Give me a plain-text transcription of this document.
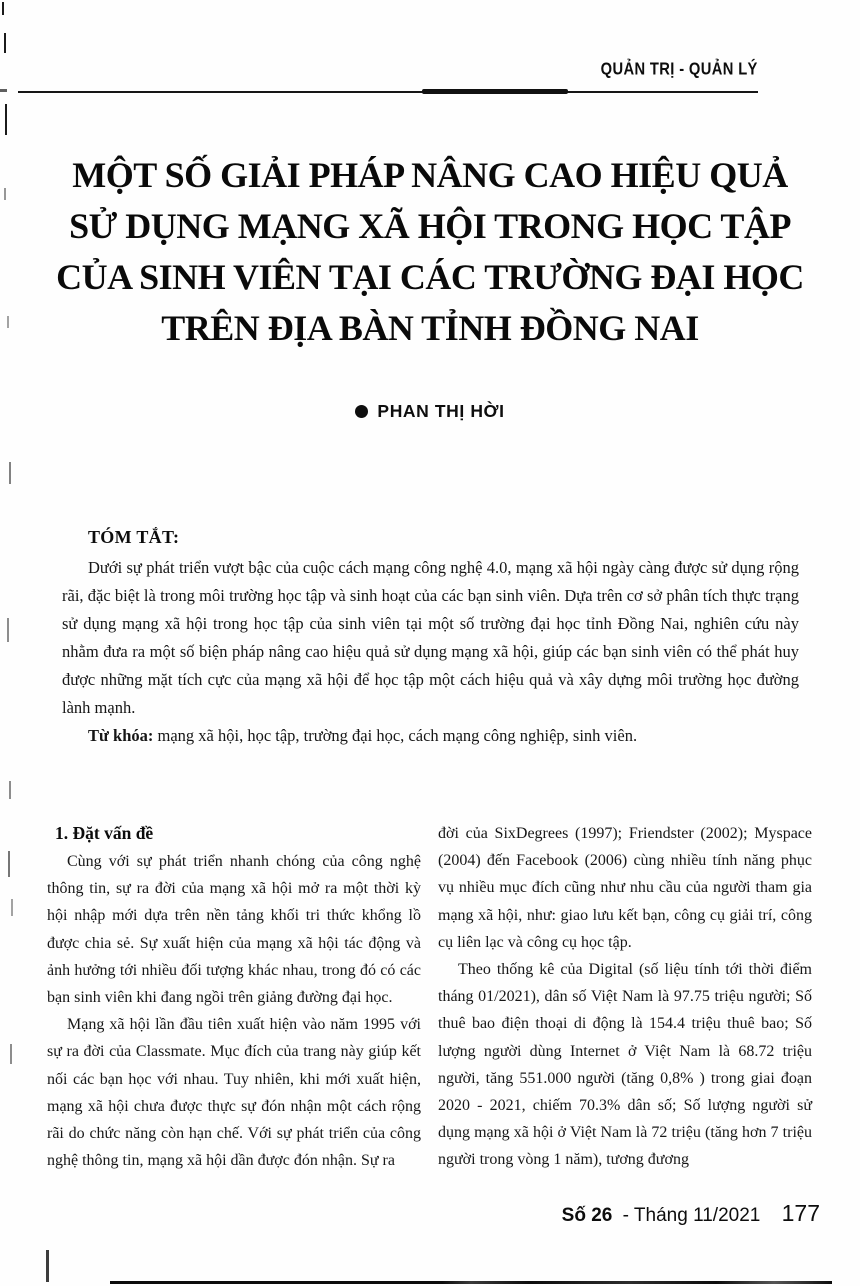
QUẢN TRỊ - QUẢN LÝ
MỘT SỐ GIẢI PHÁP NÂNG CAO HIỆU QUẢ
SỬ DỤNG MẠNG XÃ HỘI TRONG HỌC TẬP
CỦA SINH VIÊN TẠI CÁC TRƯỜNG ĐẠI HỌC
TRÊN ĐỊA BÀN TỈNH ĐỒNG NAI
PHAN THỊ HỜI
TÓM TẮT:

Dưới sự phát triển vượt bậc của cuộc cách mạng công nghệ 4.0, mạng xã hội ngày càng được sử dụng rộng rãi, đặc biệt là trong môi trường học tập và sinh hoạt của các bạn sinh viên. Dựa trên cơ sở phân tích thực trạng sử dụng mạng xã hội trong học tập của sinh viên tại một số trường đại học tỉnh Đồng Nai, nghiên cứu này nhằm đưa ra một số biện pháp nâng cao hiệu quả sử dụng mạng xã hội, giúp các bạn sinh viên có thể phát huy được những mặt tích cực của mạng xã hội để học tập một cách hiệu quả và xây dựng môi trường học đường lành mạnh.

Từ khóa: mạng xã hội, học tập, trường đại học, cách mạng công nghiệp, sinh viên.

1. Đặt vấn đề

Cùng với sự phát triển nhanh chóng của công nghệ thông tin, sự ra đời của mạng xã hội mở ra một thời kỳ hội nhập mới dựa trên nền tảng khối tri thức khổng lồ được chia sẻ. Sự xuất hiện của mạng xã hội tác động và ảnh hưởng tới nhiều đối tượng khác nhau, trong đó có các bạn sinh viên khi đang ngồi trên giảng đường đại học.

Mạng xã hội lần đầu tiên xuất hiện vào năm 1995 với sự ra đời của Classmate. Mục đích của trang này giúp kết nối các bạn học với nhau. Tuy nhiên, khi mới xuất hiện, mạng xã hội chưa được thực sự đón nhận một cách rộng rãi do chức năng còn hạn chế. Với sự phát triển của công nghệ thông tin, mạng xã hội dần được đón nhận. Sự ra

đời của SixDegrees (1997); Friendster (2002); Myspace (2004) đến Facebook (2006) cùng nhiều tính năng phục vụ nhiều mục đích cũng như nhu cầu của người tham gia mạng xã hội, như: giao lưu kết bạn, công cụ giải trí, công cụ liên lạc và công cụ học tập.

Theo thống kê của Digital (số liệu tính tới thời điểm tháng 01/2021), dân số Việt Nam là 97.75 triệu người; Số thuê bao điện thoại di động là 154.4 triệu thuê bao; Số lượng người dùng Internet ở Việt Nam là 68.72 triệu người, tăng 551.000 người (tăng 0,8% ) trong giai đoạn 2020 - 2021, chiếm 70.3% dân số; Số lượng người sử dụng mạng xã hội ở Việt Nam là 72 triệu (tăng hơn 7 triệu người trong vòng 1 năm), tương đương

Số 26 - Tháng 11/2021 177
